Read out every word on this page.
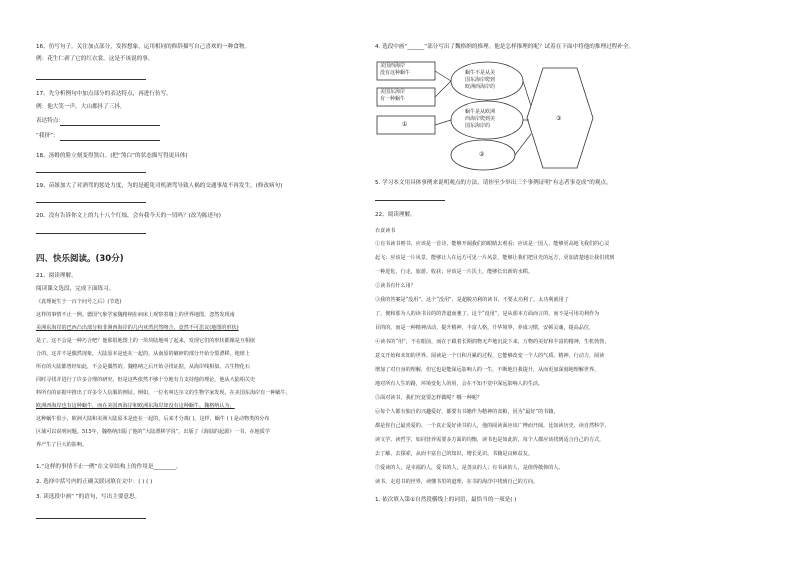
16、仿写句子。关注加点部分，发挥想象，运用相同的修辞描写自己喜欢的一种食物。
例：花生仁剥了它的红衣裳，这是不该说的事。
17、先分析例句中加点部分的表达特点，再进行仿写。
例：他大笑一声，大山都抖了三抖。
表达特点：
“我挤”：
18、汤姆的脸立刻变得煞白。(把“煞白”的状态描写得更具体)
19、苗姐加大了对酒驾的惩处力度，为的是避免司机酒驾导致人祸的交通事故不再发生。(修改病句)
20、没有告诉你文上的九十八个红烛，会有我今天的一切吗？(改为陈述句)
四、快乐阅读。(30分)
21、阅读理解。
阅读课文选段，完成下面练习。
《真理诞生于一百个问号之后》(节选)
这样的事情不止一例。德国气象学家魏格纳在病床上观察着墙上的世界地图，忽然发现南
美洲东海岸的巴西凸出部分和非洲西海岸的几内亚湾居然吻合，竟然不可思议(地图的形状)
是了。这不会是一种巧合吧？他那很地图上的一块块陆地叫了起来，发现它们的形状都像是互相嵌
合的。这并不是偶然现象，大陆原本是连在一起的，从南原的破碎的部分开始分裂漂移。地球上
所有的大陆都曾经如此，不会是偶然的。魏格纳之后开始寻找证据，从海岸线相似、古生物化石
同时寻找并进行了许多合理的研究，但是这些依然不够十分地有力支持他的理论。他从大陆相关史
料所有的证据中推出了许多令人信服的例证。例如，一位名叫达尔文的生物学家发现，在美国东海岸有一种蜗牛，
欧洲西海岸也有这种蜗牛，而在美国西海岸和欧洲东海岸却没有这种蜗牛。魏格纳认为，
这种蜗牛很小，欧洲大陆和美洲大陆原本是连在一起的，后来才分离( )。这样，蜗牛 ( ) 是动物类的分布
区域可以说明问题。515年，魏格纳出版了他的“大陆漂移学说”，出版了《海陆的起源》一书，在地质学
界产生了巨大的影响。
1.“这样的事情不止一例”在文章结构上的作用是________。
2. 选择中括号内的正确关联词填在文中：( ) ( )
3. 读选段中画“ ”的语句，写出主要意思。
4. 选段中画“______”部分写出了魏格纳的推理。他是怎样推理的呢？试着在下面中将他的推理过程补全。
美国西海岸
没有这种蜗牛
美国东海岸
有一种蜗牛
①
蜗牛不是从美
国东海岸爬到
欧洲西海岸的
蜗牛是从欧洲
西海岸爬到美
国东海岸的
②
③
5. 学习本文用具体事例来说明观点的方法，请你至少举出三个事例证明“有志者事竟成”的观点。
22、阅读理解。
衣食读书
①有书读书则书，应该是一首诗，能够开阔我们的眼睛去观看；应该是一国人，能够更高地飞我们的心灵
起飞；应该是一片风景，能够让人在远方可见一片风景，能够让我们把目光的远方，更加清楚地让我们找到
一种进化、行走、旅游、收获；应该是一片沃土，能够长出新的水稻。
②读书有什么用？
③我的答案是“没用”。这个“没用”，是超脱功利的读书，不要太功利了。太功利就用了
了，便和那为人的读书目的的背道而驰了。这个“没用”，是从那本方面而言的，而不是可用功利作为
目的的，而是一种精神活动，提升精神，丰富人格，升华境界，养成习惯，安顿灵魂，提高品位，
④读书的“用”，不在眼前，而在于跟着长期润物无声地沉淀下来，万物的美好和丰富的精神，生机勃勃，
意义开始和未知的世界。阅读是一个日积月累的过程，它能够改变一个人的气质、精神、行动力，阅读
增加了对自身的理解，但它也是能深远影响人的一生，不断地自我提升，从而更加深刻地理解世界。
地对所有人生的路，坏境变化人的用，会在不知不觉中深远影响人的生活。
⑤面对读书，我们究竟要怎样做呢？哪一种呢？
⑥每个人都有独自的兴趣爱好，都要有书籍作为精神的食粮，因为“最好”的书籍，
都是你自己最喜爱的。一个真正爱好读书的人，他的阅读面应该广博而开阔，比如读历史、读自然科学、
读文学、读哲学，如同营养需要多方面的均衡，读书也是如此的，每个人都应该找到适合自己的方式，
去了解、去探索，从而丰富自己的知识，增长见识，书籍是良师益友。
⑦爱读的人，是幸福的人，爱书的人，是善良的人；有书读的人，是值得敬仰的人。
读书，走进书的世界，读懂书里的道理，在书的海洋中找到自己的方向。
1. 依次填入第①自然段横线上的词语，最恰当的一项是( )
